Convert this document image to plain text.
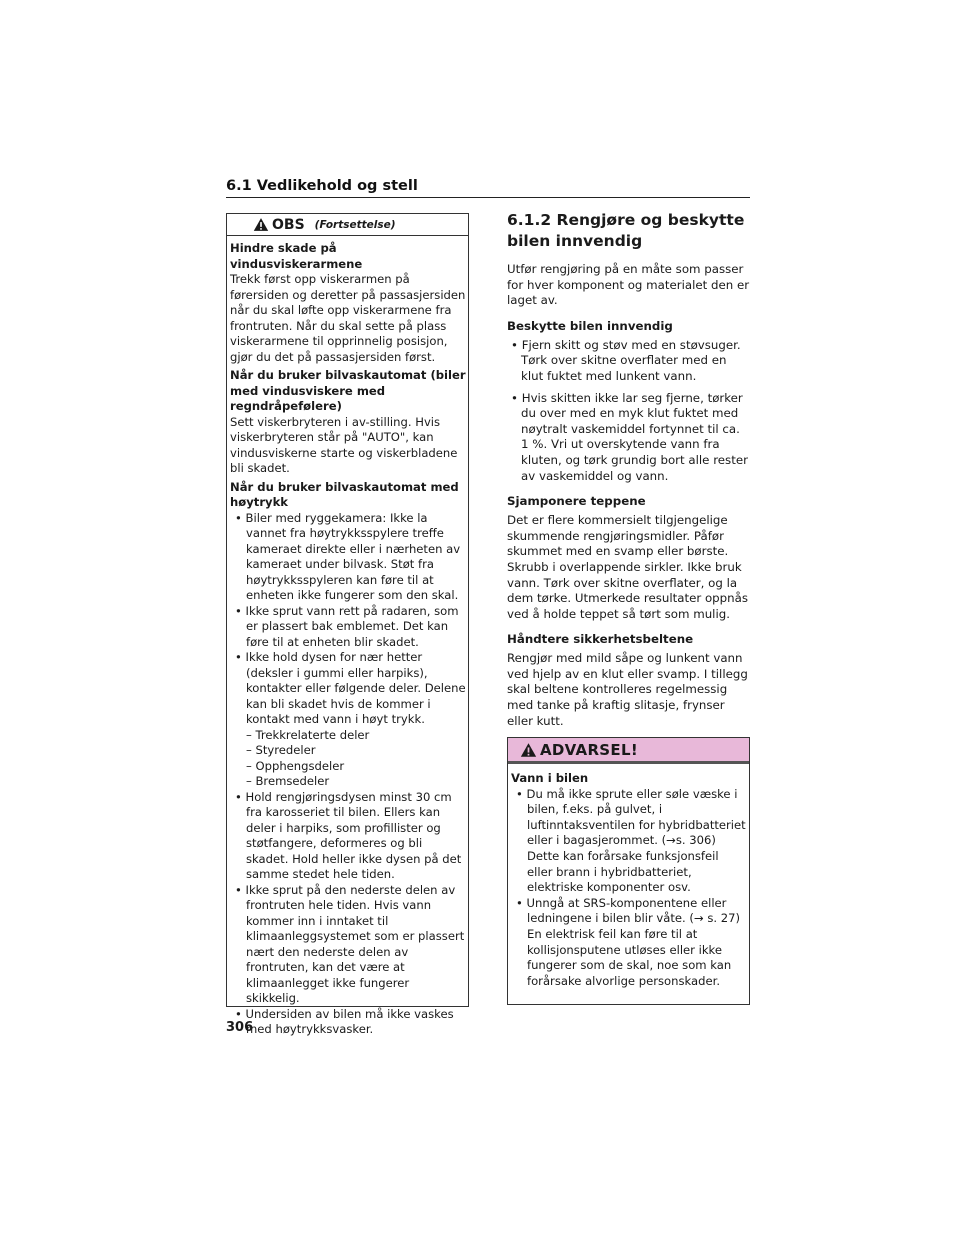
6.1 Vedlikehold og stell
OBS (Fortsettelse)
Hindre skade på vindusviskerarmene

Trekk først opp viskerarmen på førersiden og deretter på passasjersiden når du skal løfte opp viskerarmene fra frontruten. Når du skal sette på plass viskerarmene til opprinnelig posisjon, gjør du det på passasjersiden først.

Når du bruker bilvaskautomat (biler med vindusviskere med regndråpefølere)

Sett viskerbryteren i av-stilling. Hvis viskerbryteren står på "AUTO", kan vindusviskerne starte og viskerbladene bli skadet.

Når du bruker bilvaskautomat med høytrykk

• Biler med ryggekamera: Ikke la vannet fra høytrykksspylere treffe kameraet direkte eller i nærheten av kameraet under bilvask. Støt fra høytrykksspyleren kan føre til at enheten ikke fungerer som den skal.

• Ikke sprut vann rett på radaren, som er plassert bak emblemet. Det kan føre til at enheten blir skadet.

• Ikke hold dysen for nær hetter (deksler i gummi eller harpiks), kontakter eller følgende deler. Delene kan bli skadet hvis de kommer i kontakt med vann i høyt trykk.

– Trekkrelaterte deler

– Styredeler

– Opphengsdeler

– Bremsedeler

• Hold rengjøringsdysen minst 30 cm fra karosseriet til bilen. Ellers kan deler i harpiks, som profillister og støtfangere, deformeres og bli skadet. Hold heller ikke dysen på det samme stedet hele tiden.

• Ikke sprut på den nederste delen av frontruten hele tiden. Hvis vann kommer inn i inntaket til klimaanleggsystemet som er plassert nært den nederste delen av frontruten, kan det være at klimaanlegget ikke fungerer skikkelig.

• Undersiden av bilen må ikke vaskes med høytrykksvasker.

6.1.2 Rengjøre og beskytte bilen innvendig

Utfør rengjøring på en måte som passer for hver komponent og materialet den er laget av.

Beskytte bilen innvendig

• Fjern skitt og støv med en støvsuger. Tørk over skitne overflater med en klut fuktet med lunkent vann.

• Hvis skitten ikke lar seg fjerne, tørker du over med en myk klut fuktet med nøytralt vaskemiddel fortynnet til ca. 1 %. Vri ut overskytende vann fra kluten, og tørk grundig bort alle rester av vaskemiddel og vann.

Sjamponere teppene

Det er flere kommersielt tilgjengelige skummende rengjøringsmidler. Påfør skummet med en svamp eller børste. Skrubb i overlappende sirkler. Ikke bruk vann. Tørk over skitne overflater, og la dem tørke. Utmerkede resultater oppnås ved å holde teppet så tørt som mulig.

Håndtere sikkerhetsbeltene

Rengjør med mild såpe og lunkent vann ved hjelp av en klut eller svamp. I tillegg skal beltene kontrolleres regelmessig med tanke på kraftig slitasje, frynser eller kutt.

ADVARSEL!
Vann i bilen

• Du må ikke sprute eller søle væske i bilen, f.eks. på gulvet, i luftinntaksventilen for hybridbatteriet eller i bagasjerommet. (→s. 306) Dette kan forårsake funksjonsfeil eller brann i hybridbatteriet, elektriske komponenter osv.

• Unngå at SRS-komponentene eller ledningene i bilen blir våte. (→ s. 27) En elektrisk feil kan føre til at kollisjonsputene utløses eller ikke fungerer som de skal, noe som kan forårsake alvorlige personskader.

306
